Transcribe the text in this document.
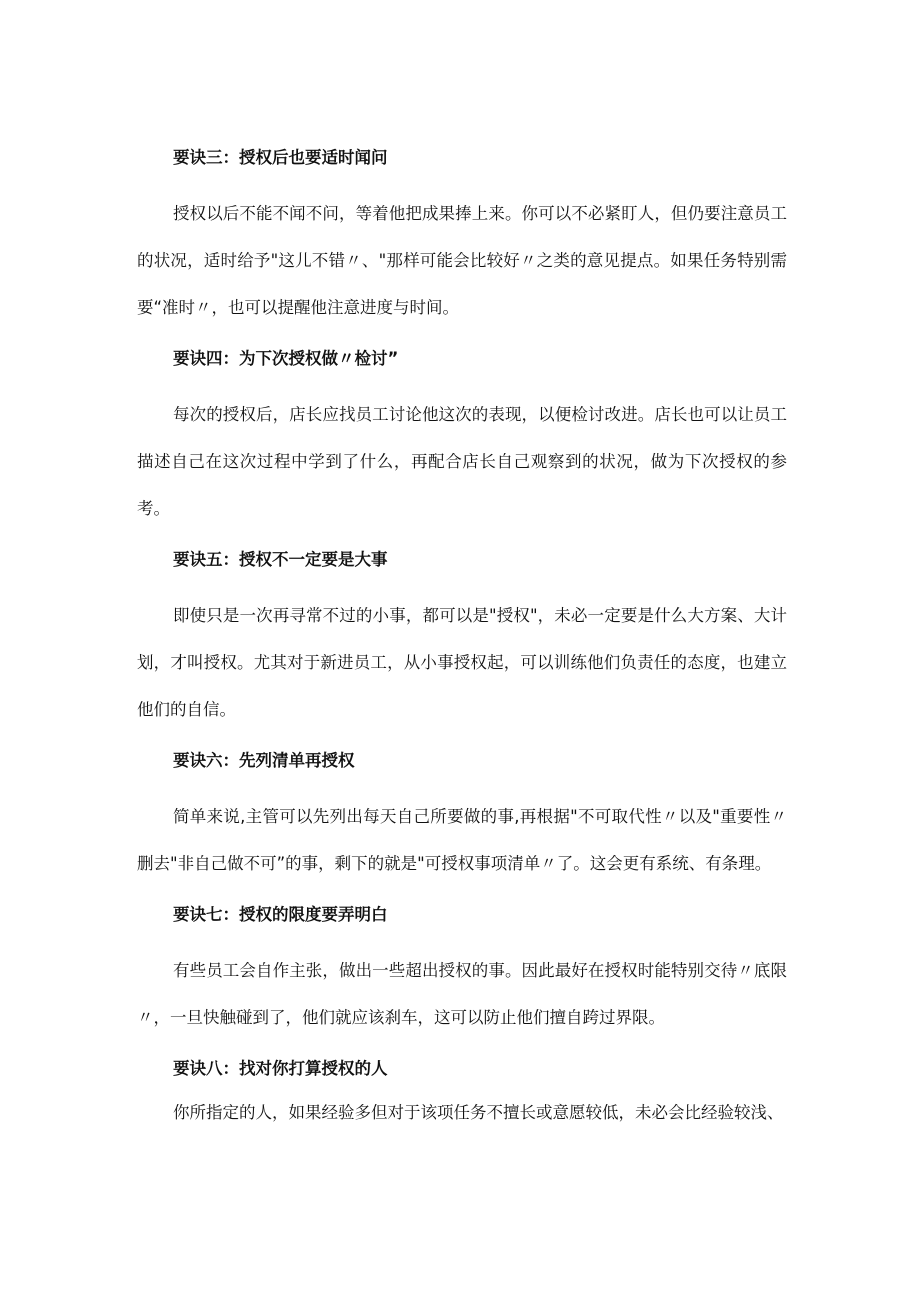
要诀三：授权后也要适时闻问

授权以后不能不闻不问，等着他把成果捧上来。你可以不必紧盯人，但仍要注意员工的状况，适时给予"这儿不错〃、"那样可能会比较好〃之类的意见提点。如果任务特别需要“准时〃，也可以提醒他注意进度与时间。

要诀四：为下次授权做〃检讨”

每次的授权后，店长应找员工讨论他这次的表现，以便检讨改进。店长也可以让员工描述自己在这次过程中学到了什么，再配合店长自己观察到的状况，做为下次授权的参考。

要诀五：授权不一定要是大事

即使只是一次再寻常不过的小事，都可以是"授权"，未必一定要是什么大方案、大计划，才叫授权。尤其对于新进员工，从小事授权起，可以训练他们负责任的态度，也建立他们的自信。

要诀六：先列清单再授权

简单来说,主管可以先列出每天自己所要做的事,再根据"不可取代性〃以及"重要性〃删去"非自己做不可”的事，剩下的就是"可授权事项清单〃了。这会更有系统、有条理。

要诀七：授权的限度要弄明白

有些员工会自作主张，做出一些超出授权的事。因此最好在授权时能特别交待〃底限〃，一旦快触碰到了，他们就应该刹车，这可以防止他们擅自跨过界限。

要诀八：找对你打算授权的人

你所指定的人，如果经验多但对于该项任务不擅长或意愿较低，未必会比经验较浅、
